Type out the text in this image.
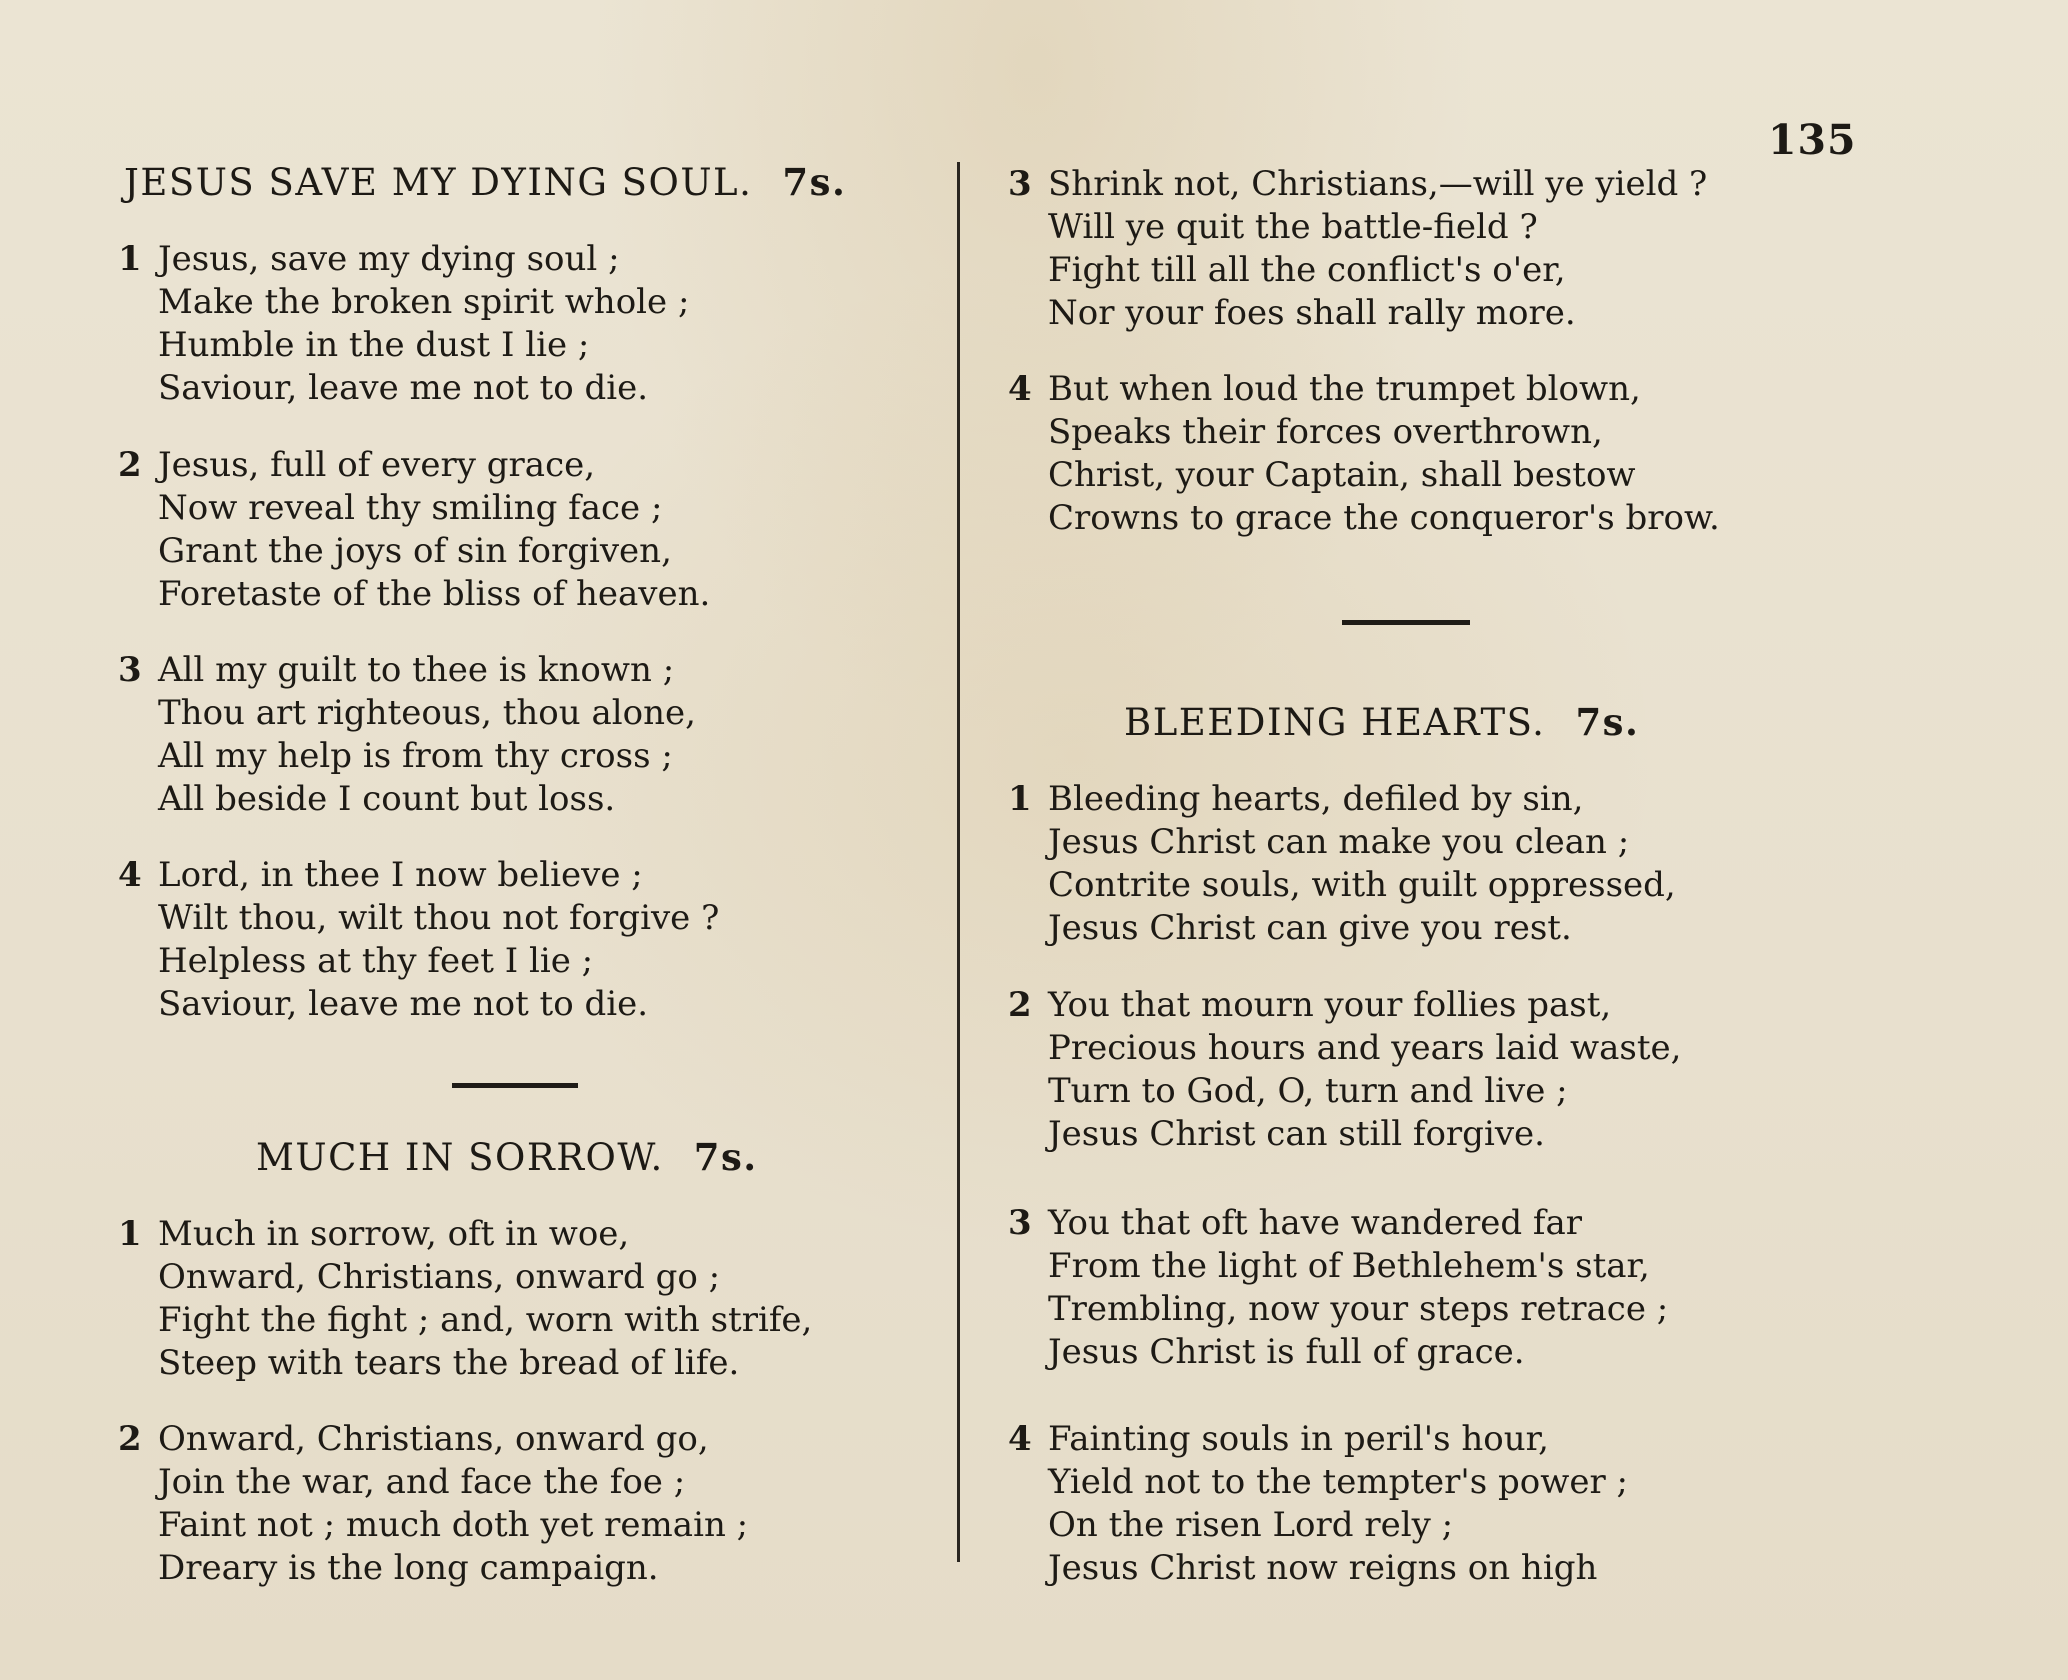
135
JESUS SAVE MY DYING SOUL. 7s.
1 Jesus, save my dying soul ;
Make the broken spirit whole ;
Humble in the dust I lie ;
Saviour, leave me not to die.
2 Jesus, full of every grace,
Now reveal thy smiling face ;
Grant the joys of sin forgiven,
Foretaste of the bliss of heaven.
3 All my guilt to thee is known ;
Thou art righteous, thou alone,
All my help is from thy cross ;
All beside I count but loss.
4 Lord, in thee I now believe ;
Wilt thou, wilt thou not forgive ?
Helpless at thy feet I lie ;
Saviour, leave me not to die.
MUCH IN SORROW. 7s.
1 Much in sorrow, oft in woe,
Onward, Christians, onward go ;
Fight the fight ; and, worn with strife,
Steep with tears the bread of life.
2 Onward, Christians, onward go,
Join the war, and face the foe ;
Faint not ; much doth yet remain ;
Dreary is the long campaign.
3 Shrink not, Christians,—will ye yield ?
Will ye quit the battle-field ?
Fight till all the conflict's o'er,
Nor your foes shall rally more.
4 But when loud the trumpet blown,
Speaks their forces overthrown,
Christ, your Captain, shall bestow
Crowns to grace the conqueror's brow.
BLEEDING HEARTS. 7s.
1 Bleeding hearts, defiled by sin,
Jesus Christ can make you clean ;
Contrite souls, with guilt oppressed,
Jesus Christ can give you rest.
2 You that mourn your follies past,
Precious hours and years laid waste,
Turn to God, O, turn and live ;
Jesus Christ can still forgive.
3 You that oft have wandered far
From the light of Bethlehem's star,
Trembling, now your steps retrace ;
Jesus Christ is full of grace.
4 Fainting souls in peril's hour,
Yield not to the tempter's power ;
On the risen Lord rely ;
Jesus Christ now reigns on high
